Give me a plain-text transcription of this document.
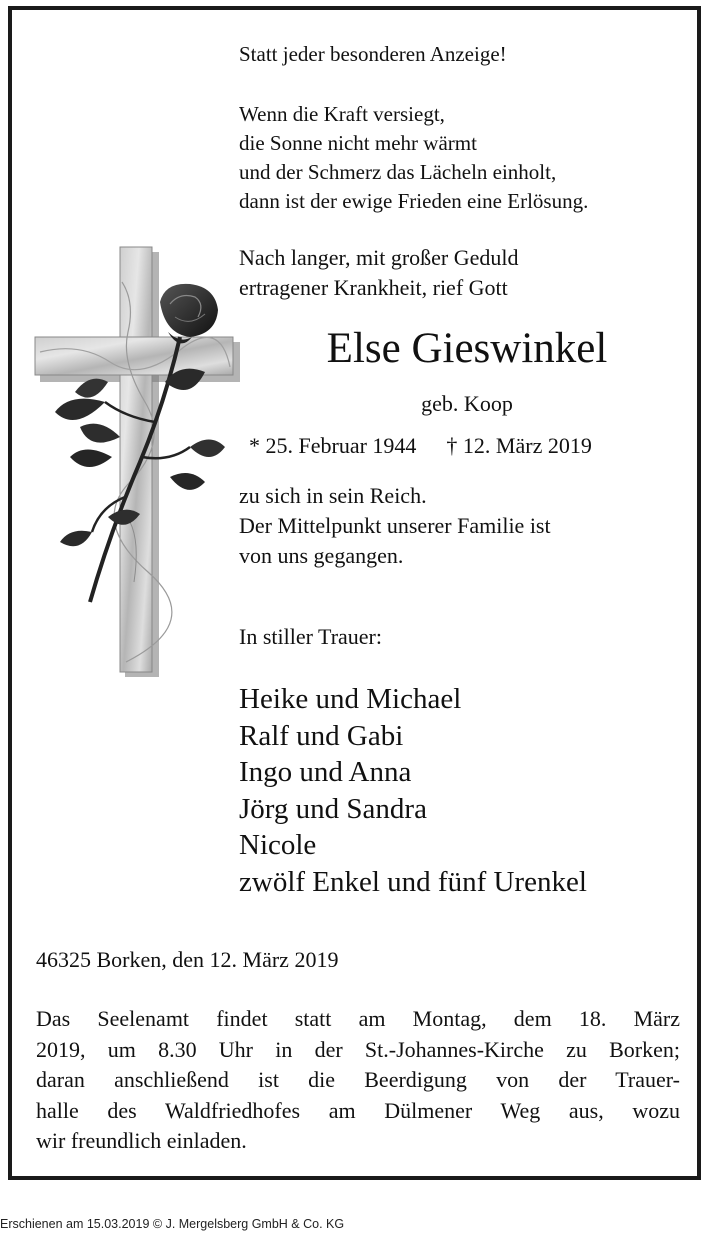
Statt jeder besonderen Anzeige!
Wenn die Kraft versiegt,
die Sonne nicht mehr wärmt
und der Schmerz das Lächeln einholt,
dann ist der ewige Frieden eine Erlösung.
Nach langer, mit großer Geduld
ertragener Krankheit, rief Gott
Else Gieswinkel
geb. Koop
* 25. Februar 1944 † 12. März 2019
zu sich in sein Reich.
Der Mittelpunkt unserer Familie ist
von uns gegangen.
In stiller Trauer:
Heike und Michael
Ralf und Gabi
Ingo und Anna
Jörg und Sandra
Nicole
zwölf Enkel und fünf Urenkel
46325 Borken, den 12. März 2019
Das Seelenamt findet statt am Montag, dem 18. März
2019, um 8.30 Uhr in der St.-Johannes-Kirche zu Borken;
daran anschließend ist die Beerdigung von der Trauer-
halle des Waldfriedhofes am Dülmener Weg aus, wozu
wir freundlich einladen.
Erschienen am 15.03.2019 © J. Mergelsberg GmbH & Co. KG
